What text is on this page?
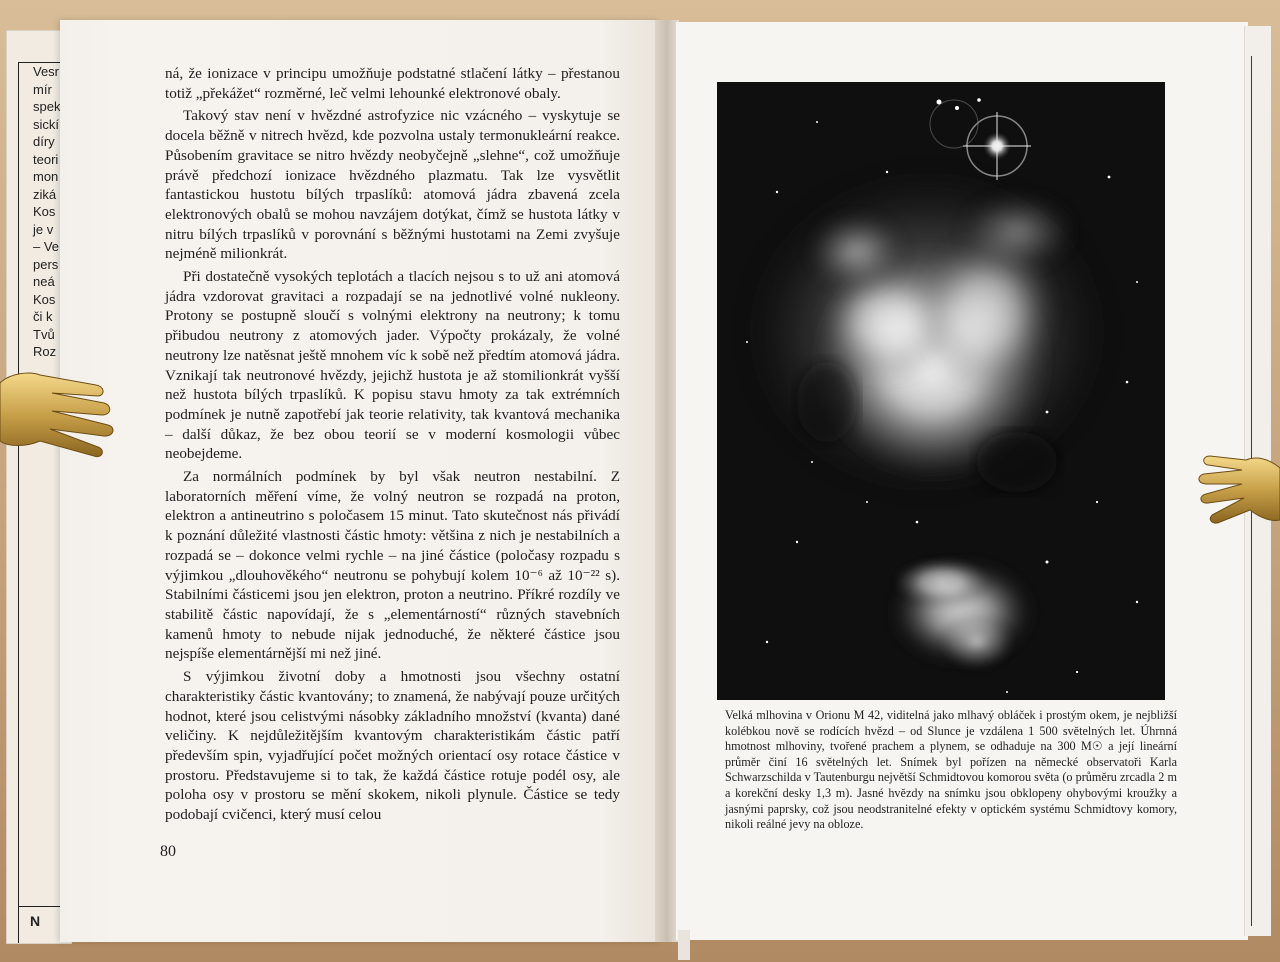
Vesr
mír
spek
sickí
díry
teori
mon
ziká
Kos
je v
– Ve
pers
neá
Kos
či k
Tvů
Roz
N

ná, že ionizace v principu umožňuje podstatné stlačení látky – přestanou totiž „překážet“ rozměrné, leč velmi lehounké elektronové obaly.

Takový stav není v hvězdné astrofyzice nic vzácného – vyskytuje se docela běžně v nitrech hvězd, kde pozvolna ustaly termonukleární reakce. Působením gravitace se nitro hvězdy neobyčejně „slehne“, což umožňuje právě předchozí ionizace hvězdného plazmatu. Tak lze vysvětlit fantastickou hustotu bílých trpaslíků: atomová jádra zbavená zcela elektronových obalů se mohou navzájem dotýkat, čímž se hustota látky v nitru bílých trpaslíků v porovnání s běžnými hustotami na Zemi zvyšuje nejméně milionkrát.

Při dostatečně vysokých teplotách a tlacích nejsou s to už ani atomová jádra vzdorovat gravitaci a rozpadají se na jednotlivé volné nukleony. Protony se postupně sloučí s volnými elektrony na neutrony; k tomu přibudou neutrony z atomových jader. Výpočty prokázaly, že volné neutrony lze natěsnat ještě mnohem víc k sobě než předtím atomová jádra. Vznikají tak neutronové hvězdy, jejichž hustota je až stomilionkrát vyšší než hustota bílých trpaslíků. K popisu stavu hmoty za tak extrémních podmínek je nutně zapotřebí jak teorie relativity, tak kvantová mechanika – další důkaz, že bez obou teorií se v moderní kosmologii vůbec neobejdeme.

Za normálních podmínek by byl však neutron nestabilní. Z laboratorních měření víme, že volný neutron se rozpadá na proton, elektron a antineutrino s poločasem 15 minut. Tato skutečnost nás přivádí k poznání důležité vlastnosti částic hmoty: většina z nich je nestabilních a rozpadá se – dokonce velmi rychle – na jiné částice (poločasy rozpadu s výjimkou „dlouhověkého“ neutronu se pohybují kolem 10⁻⁶ až 10⁻²² s). Stabilními částicemi jsou jen elektron, proton a neutrino. Příkré rozdíly ve stabilitě částic napovídají, že s „elementárností“ různých stavebních kamenů hmoty to nebude nijak jednoduché, že některé částice jsou nejspíše elementárnější mi než jiné.

S výjimkou životní doby a hmotnosti jsou všechny ostatní charakteristiky částic kvantovány; to znamená, že nabývají pouze určitých hodnot, které jsou celistvými násobky základního množství (kvanta) dané veličiny. K nejdůležitějším kvantovým charakteristikám částic patří především spin, vyjadřující počet možných orientací osy rotace částice v prostoru. Představujeme si to tak, že každá částice rotuje podél osy, ale poloha osy v prostoru se mění skokem, nikoli plynule. Částice se tedy podobají cvičenci, který musí celou

80
Velká mlhovina v Orionu M 42, viditelná jako mlhavý obláček i prostým okem, je nejbližší kolébkou nově se rodících hvězd – od Slunce je vzdálena 1 500 světelných let. Úhrnná hmotnost mlhoviny, tvořené prachem a plynem, se odhaduje na 300 M☉ a její lineární průměr činí 16 světelných let. Snímek byl pořízen na německé observatoři Karla Schwarzschilda v Tautenburgu největší Schmidtovou komorou světa (o průměru zrcadla 2 m a korekční desky 1,3 m). Jasné hvězdy na snímku jsou obklopeny ohybovými kroužky a jasnými paprsky, což jsou neodstranitelné efekty v optickém systému Schmidtovy komory, nikoli reálné jevy na obloze.
